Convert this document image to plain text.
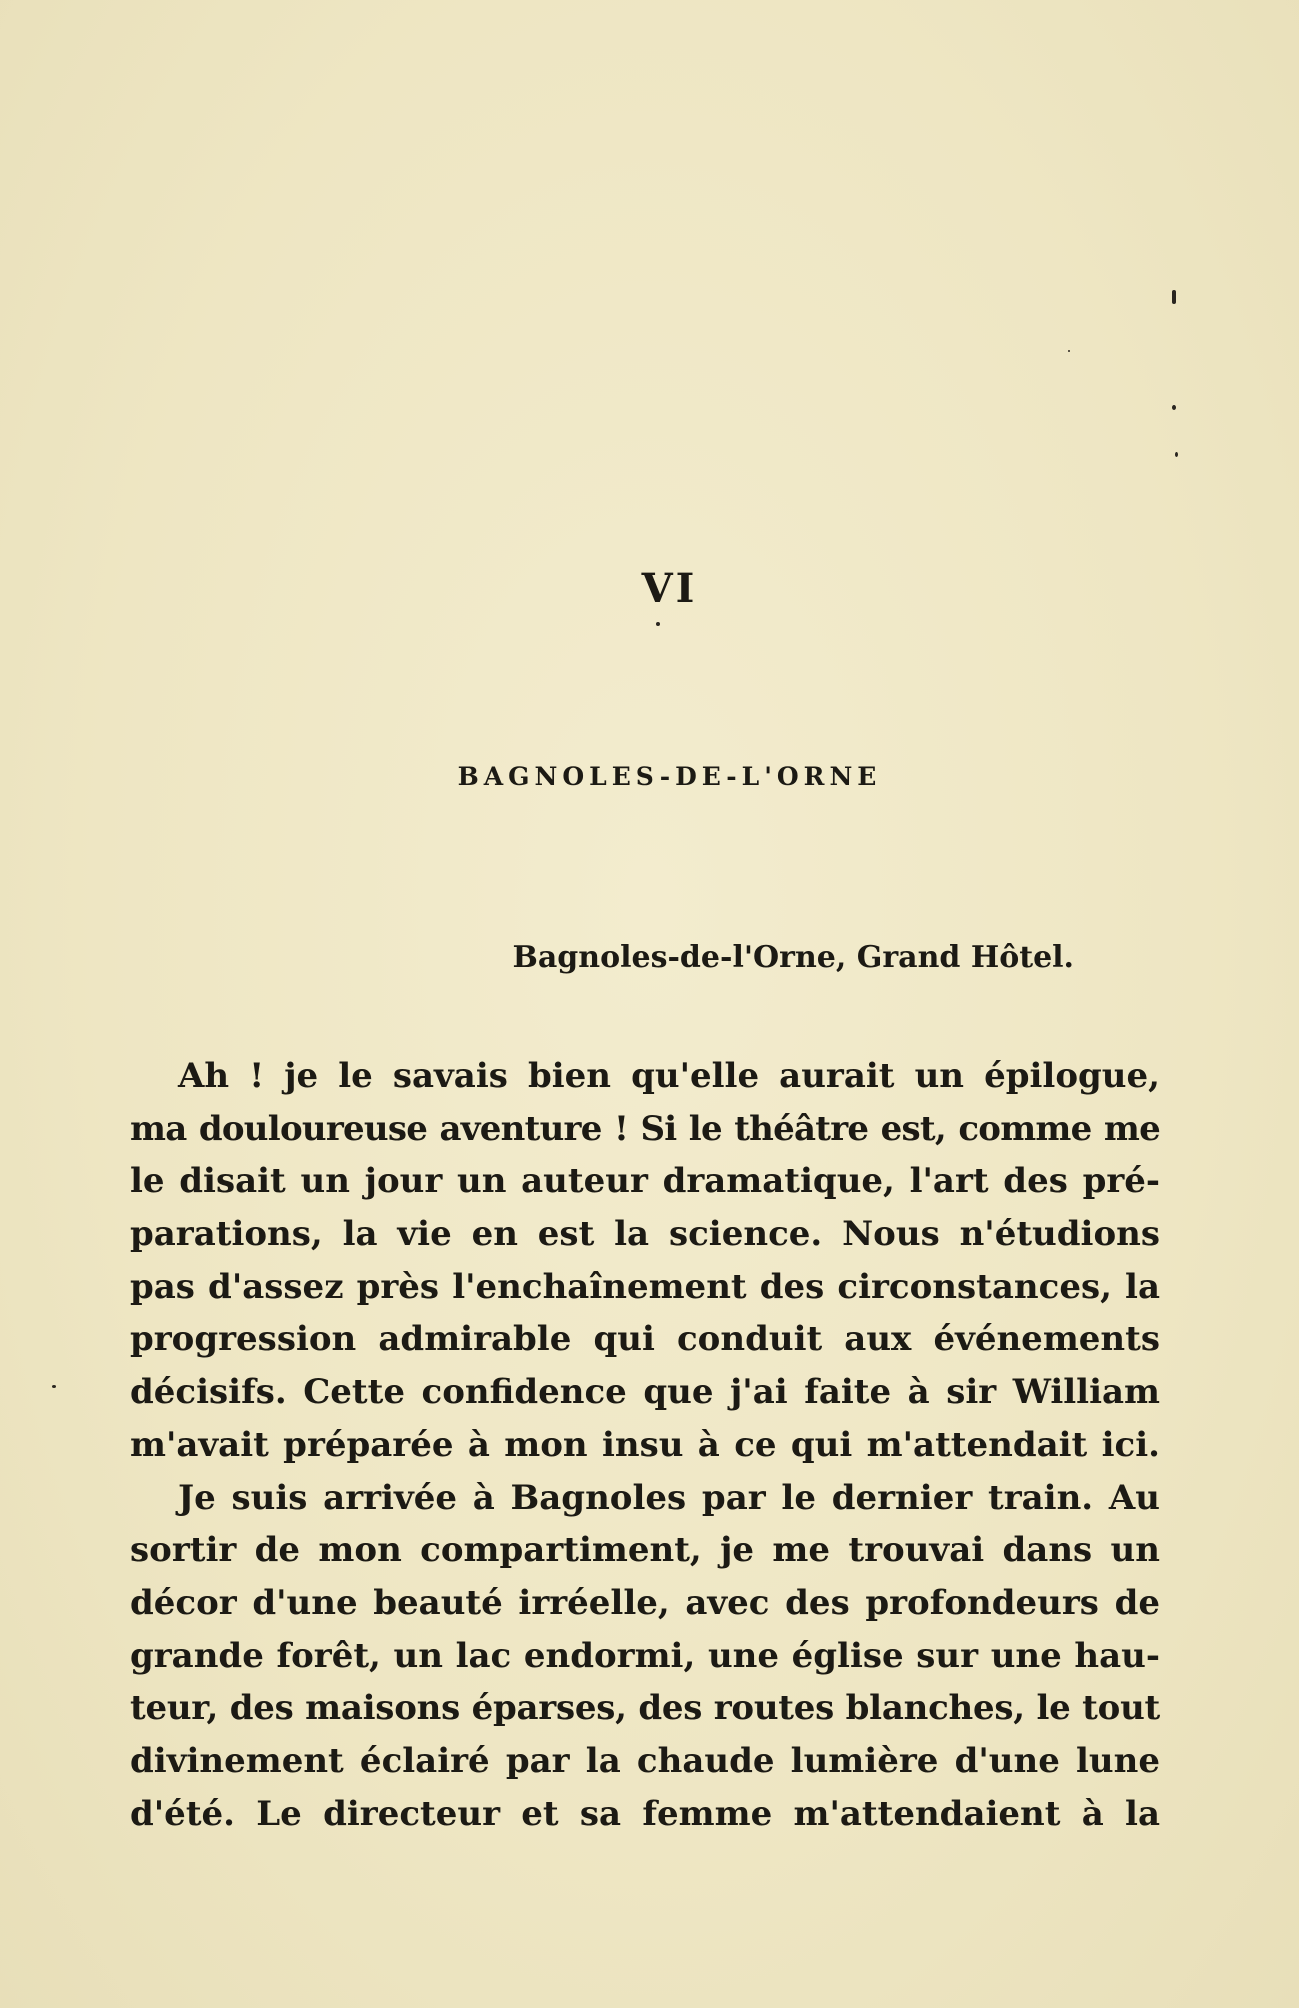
VI
BAGNOLES-DE-L'ORNE
Bagnoles-de-l'Orne, Grand Hôtel.
Ah ! je le savais bien qu'elle aurait un épilogue,
ma douloureuse aventure ! Si le théâtre est, comme me
le disait un jour un auteur dramatique, l'art des pré-
parations, la vie en est la science. Nous n'étudions
pas d'assez près l'enchaînement des circonstances, la
progression admirable qui conduit aux événements
décisifs. Cette confidence que j'ai faite à sir William
m'avait préparée à mon insu à ce qui m'attendait ici.
Je suis arrivée à Bagnoles par le dernier train. Au
sortir de mon compartiment, je me trouvai dans un
décor d'une beauté irréelle, avec des profondeurs de
grande forêt, un lac endormi, une église sur une hau-
teur, des maisons éparses, des routes blanches, le tout
divinement éclairé par la chaude lumière d'une lune
d'été. Le directeur et sa femme m'attendaient à la
